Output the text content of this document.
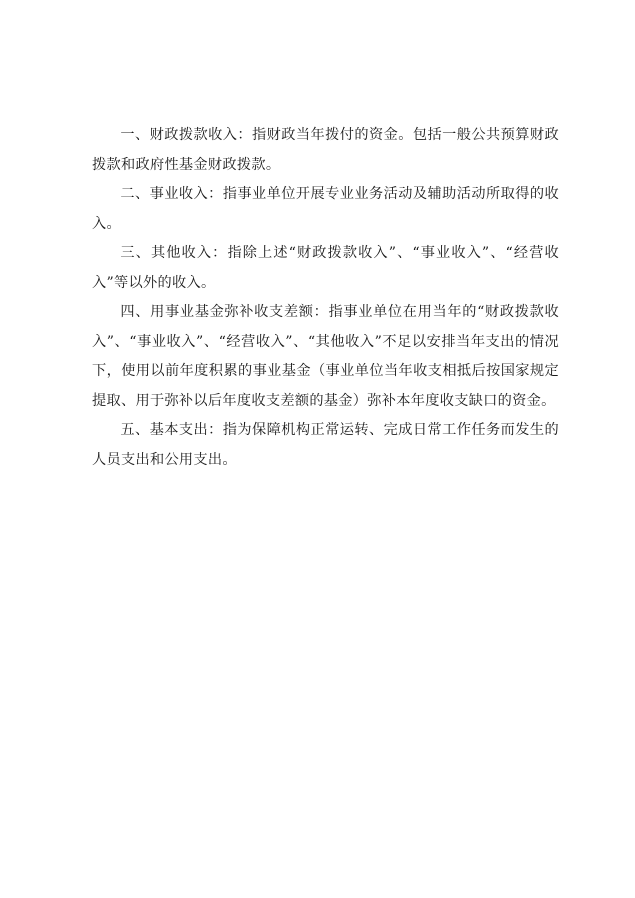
一、财政拨款收入：指财政当年拨付的资金。包括一般公共预算财政拨款和政府性基金财政拨款。

二、事业收入：指事业单位开展专业业务活动及辅助活动所取得的收入。

三、其他收入：指除上述“财政拨款收入”、“事业收入”、“经营收入”等以外的收入。

四、用事业基金弥补收支差额：指事业单位在用当年的“财政拨款收入”、“事业收入”、“经营收入”、“其他收入”不足以安排当年支出的情况下，使用以前年度积累的事业基金（事业单位当年收支相抵后按国家规定提取、用于弥补以后年度收支差额的基金）弥补本年度收支缺口的资金。

五、基本支出：指为保障机构正常运转、完成日常工作任务而发生的人员支出和公用支出。
